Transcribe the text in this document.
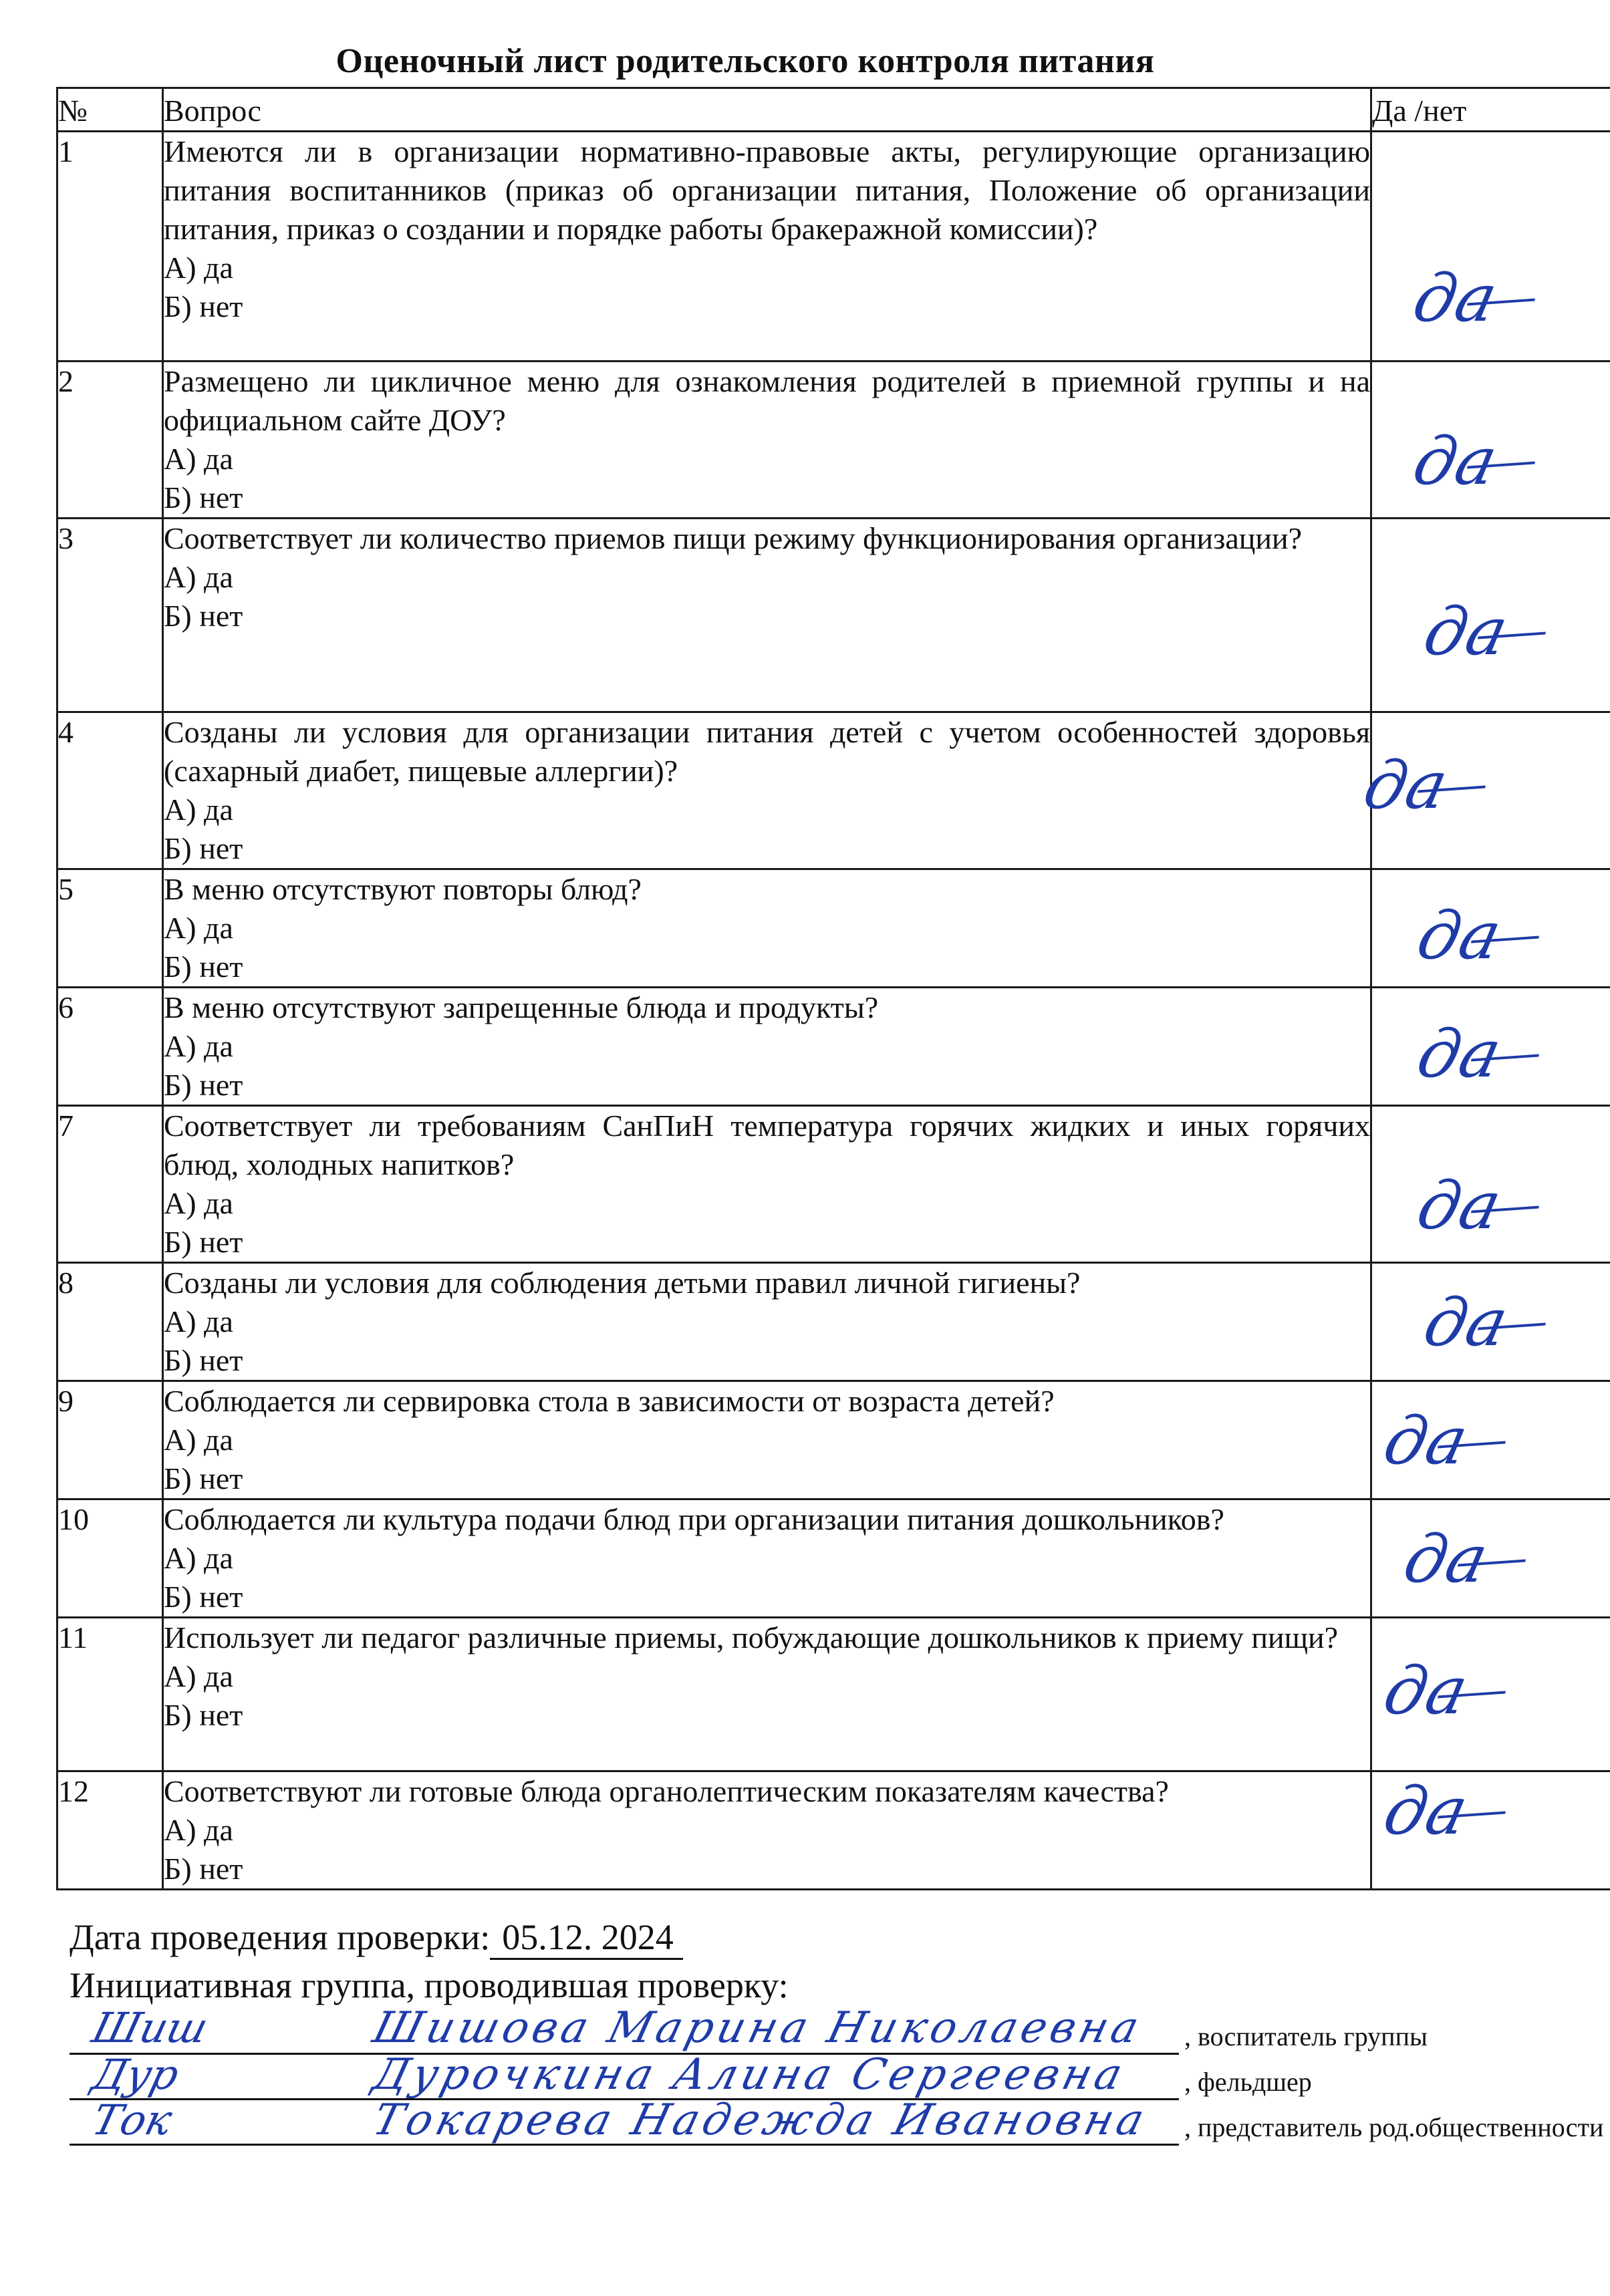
Оценочный лист родительского контроля питания
№	Вопрос	Да /нет
1	Имеются ли в организации нормативно-правовые акты, регулирующие организацию питания воспитанников (приказ об организации питания, Положение об организации питания, приказ о создании и порядке работы бракеражной комиссии)?
А) да
Б) нет	да

2	Размещено ли цикличное меню для ознакомления родителей в приемной группы и на официальном сайте ДОУ?
А) да
Б) нет	да

3	Соответствует ли количество приемов пищи режиму функционирования организации?
А) да
Б) нет	да

4	Созданы ли условия для организации питания детей с учетом особенностей здоровья (сахарный диабет, пищевые аллергии)?
А) да
Б) нет	да

5	В меню отсутствуют повторы блюд?
А) да
Б) нет	да

6	В меню отсутствуют запрещенные блюда и продукты?
А) да
Б) нет	да

7	Соответствует ли требованиям СанПиН температура горячих жидких и иных горячих блюд, холодных напитков?
А) да
Б) нет	да

8	Созданы ли условия для соблюдения детьми правил личной гигиены?
А) да
Б) нет	да

9	Соблюдается ли сервировка стола в зависимости от возраста детей?
А) да
Б) нет	да

10	Соблюдается ли культура подачи блюд при организации питания дошкольников?
А) да
Б) нет	да

11	Использует ли педагог различные приемы, побуждающие дошкольников к приему пищи?
А) да
Б) нет	да

12	Соответствуют ли готовые блюда органолептическим показателям качества?
А) да
Б) нет	да
Дата проведения проверки: 05.12. 2024
Инициативная группа, проводившая проверку:
Шиш	Шишова Марина Николаевна , воспитатель группы
Дур	Дурочкина Алина Сергеевна , фельдшер
Ток	Токарева Надежда Ивановна , представитель род.общественности
